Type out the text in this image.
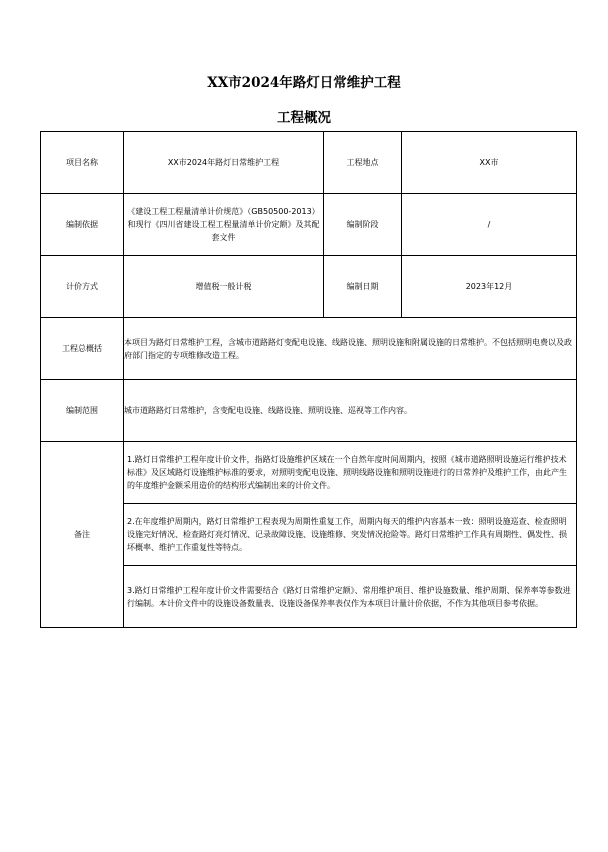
XX市2024年路灯日常维护工程
工程概况
项目名称	XX市2024年路灯日常维护工程	工程地点	XX市
编制依据	《建设工程工程量清单计价规范》（GB50500-2013）和现行《四川省建设工程工程量清单计价定额》及其配套文件	编制阶段	/
计价方式	增值税一般计税	编制日期	2023年12月
工程总概括	本项目为路灯日常维护工程，含城市道路路灯变配电设施、线路设施、照明设施和附属设施的日常维护。不包括照明电费以及政府部门指定的专项维修改造工程。		
编制范围	城市道路路灯日常维护，含变配电设施、线路设施、照明设施、巡视等工作内容。		
备注	1.路灯日常维护工程年度计价文件，指路灯设施维护区域在一个自然年度时间周期内，按照《城市道路照明设施运行维护技术标准》及区域路灯设施维护标准的要求，对照明变配电设施、照明线路设施和照明设施进行的日常养护及维护工作，由此产生的年度维护金额采用造价的结构形式编制出来的计价文件。
2.在年度维护周期内，路灯日常维护工程表现为周期性重复工作，周期内每天的维护内容基本一致：照明设施巡查、检查照明设施完好情况、检查路灯亮灯情况、记录故障设施、设施维修、突发情况抢险等。路灯日常维护工作具有周期性、偶发性、损坏概率、维护工作重复性等特点。
3.路灯日常维护工程年度计价文件需要结合《路灯日常维护定额》、常用维护项目、维护设施数量、维护周期、保养率等参数进行编制。本计价文件中的设施设备数量表、设施设备保养率表仅作为本项目计量计价依据，不作为其他项目参考依据。		
